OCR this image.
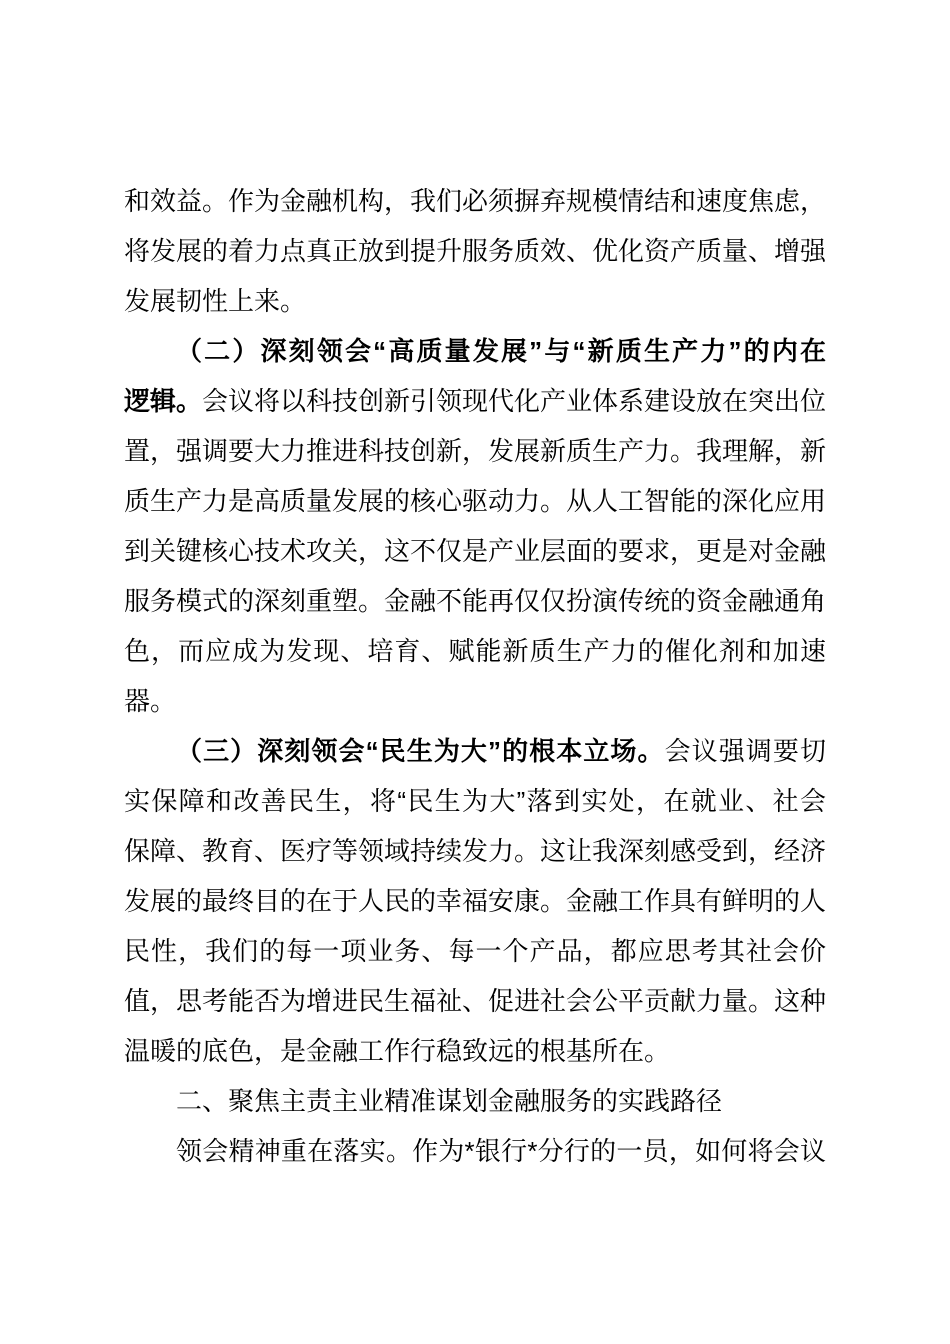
和效益。作为金融机构，我们必须摒弃规模情结和速度焦虑，
将发展的着力点真正放到提升服务质效、优化资产质量、增强
发展韧性上来。
（二）深刻领会“高质量发展”与“新质生产力”的内在
逻辑。会议将以科技创新引领现代化产业体系建设放在突出位
置，强调要大力推进科技创新，发展新质生产力。我理解，新
质生产力是高质量发展的核心驱动力。从人工智能的深化应用
到关键核心技术攻关，这不仅是产业层面的要求，更是对金融
服务模式的深刻重塑。金融不能再仅仅扮演传统的资金融通角
色，而应成为发现、培育、赋能新质生产力的催化剂和加速
器。
（三）深刻领会“民生为大”的根本立场。会议强调要切
实保障和改善民生，将“民生为大”落到实处，在就业、社会
保障、教育、医疗等领域持续发力。这让我深刻感受到，经济
发展的最终目的在于人民的幸福安康。金融工作具有鲜明的人
民性，我们的每一项业务、每一个产品，都应思考其社会价
值，思考能否为增进民生福祉、促进社会公平贡献力量。这种
温暖的底色，是金融工作行稳致远的根基所在。
二、聚焦主责主业精准谋划金融服务的实践路径
领会精神重在落实。作为*银行*分行的一员，如何将会议
